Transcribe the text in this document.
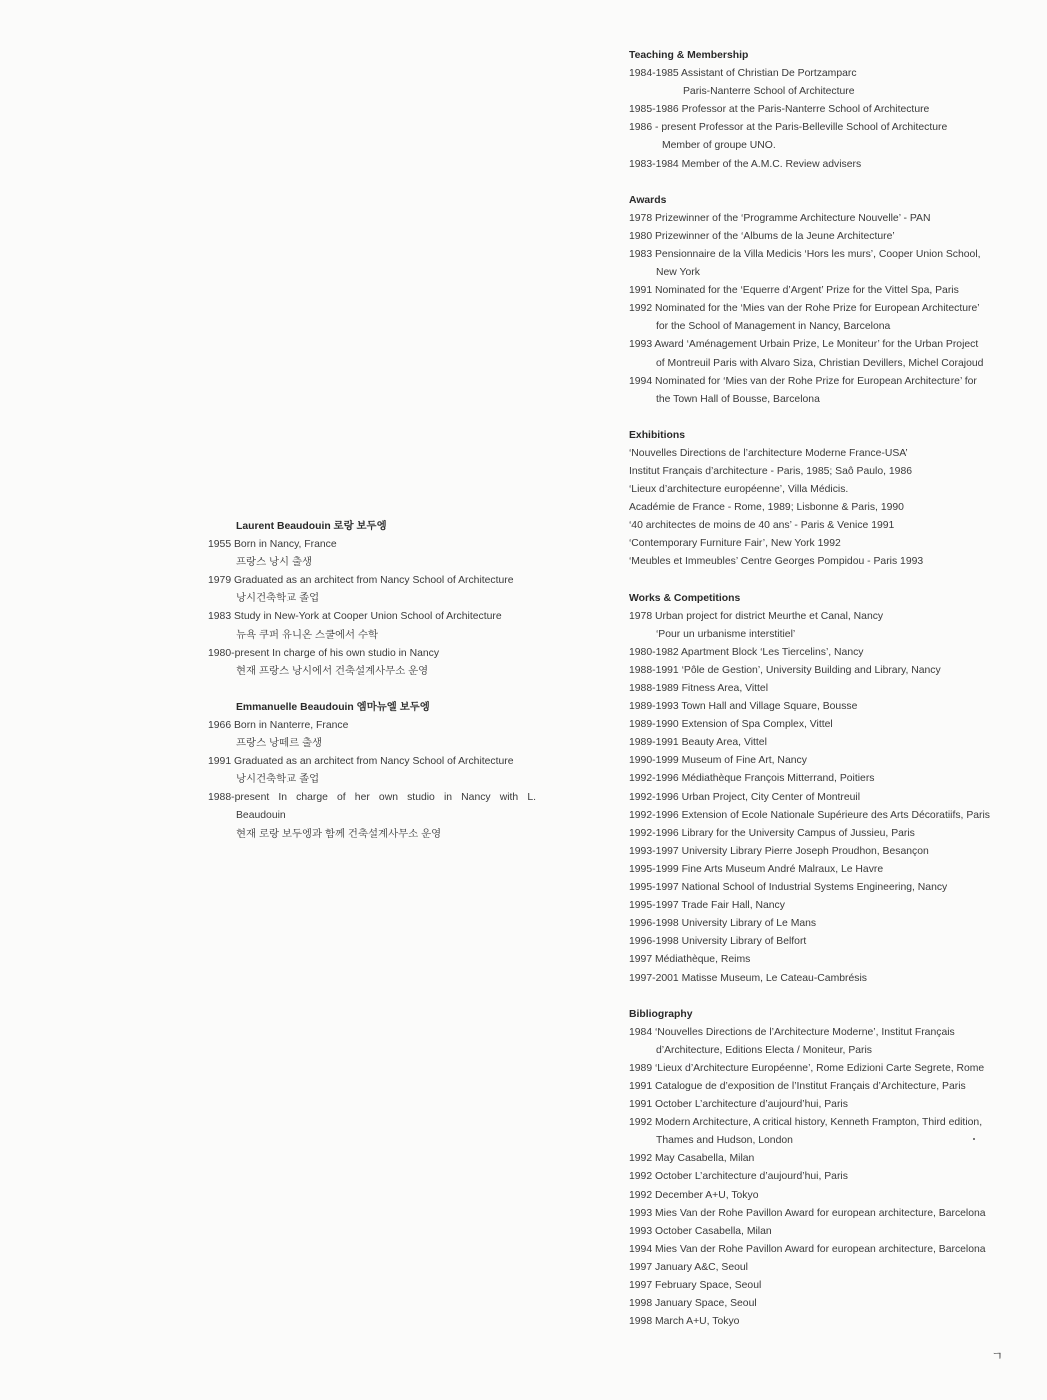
Laurent Beaudouin 로랑 보두엥

1955 Born in Nancy, France

프랑스 낭시 출생

1979 Graduated as an architect from Nancy School of Architecture

낭시건축학교 졸업

1983 Study in New-York at Cooper Union School of Architecture

뉴욕 쿠퍼 유니온 스쿨에서 수학

1980-present In charge of his own studio in Nancy

현재 프랑스 낭시에서 건축설계사무소 운영

Emmanuelle Beaudouin 엠마뉴엘 보두엥

1966 Born in Nanterre, France

프랑스 낭떼르 출생

1991 Graduated as an architect from Nancy School of Architecture

낭시건축학교 졸업

1988-present In charge of her own studio in Nancy with L.

Beaudouin

현재 로랑 보두엥과 함께 건축설계사무소 운영

Teaching & Membership

1984-1985 Assistant of Christian De Portzamparc

Paris-Nanterre School of Architecture

1985-1986 Professor at the Paris-Nanterre School of Architecture

1986 - present Professor at the Paris-Belleville School of Architecture

Member of groupe UNO.

1983-1984 Member of the A.M.C. Review advisers

Awards

1978 Prizewinner of the ‘Programme Architecture Nouvelle’ - PAN

1980 Prizewinner of the ‘Albums de la Jeune Architecture’

1983 Pensionnaire de la Villa Medicis ‘Hors les murs’, Cooper Union School,

New York

1991 Nominated for the ‘Equerre d’Argent’ Prize for the Vittel Spa, Paris

1992 Nominated for the ‘Mies van der Rohe Prize for European Architecture’

for the School of Management in Nancy, Barcelona

1993 Award ‘Aménagement Urbain Prize, Le Moniteur’ for the Urban Project

of Montreuil Paris with Alvaro Siza, Christian Devillers, Michel Corajoud

1994 Nominated for ‘Mies van der Rohe Prize for European Architecture’ for

the Town Hall of Bousse, Barcelona

Exhibitions

‘Nouvelles Directions de l’architecture Moderne France-USA’

Institut Français d’architecture - Paris, 1985; Saô Paulo, 1986

‘Lieux d’architecture européenne’, Villa Médicis.

Académie de France - Rome, 1989; Lisbonne & Paris, 1990

‘40 architectes de moins de 40 ans’ - Paris & Venice 1991

‘Contemporary Furniture Fair’, New York 1992

‘Meubles et Immeubles’ Centre Georges Pompidou - Paris 1993

Works & Competitions

1978 Urban project for district Meurthe et Canal, Nancy

‘Pour un urbanisme interstitiel’

1980-1982 Apartment Block ‘Les Tiercelins’, Nancy

1988-1991 ‘Pôle de Gestion’, University Building and Library, Nancy

1988-1989 Fitness Area, Vittel

1989-1993 Town Hall and Village Square, Bousse

1989-1990 Extension of Spa Complex, Vittel

1989-1991 Beauty Area, Vittel

1990-1999 Museum of Fine Art, Nancy

1992-1996 Médiathèque François Mitterrand, Poitiers

1992-1996 Urban Project, City Center of Montreuil

1992-1996 Extension of Ecole Nationale Supérieure des Arts Décoratiifs, Paris

1992-1996 Library for the University Campus of Jussieu, Paris

1993-1997 University Library Pierre Joseph Proudhon, Besançon

1995-1999 Fine Arts Museum André Malraux, Le Havre

1995-1997 National School of Industrial Systems Engineering, Nancy

1995-1997 Trade Fair Hall, Nancy

1996-1998 University Library of Le Mans

1996-1998 University Library of Belfort

1997 Médiathèque, Reims

1997-2001 Matisse Museum, Le Cateau-Cambrésis

Bibliography

1984 ‘Nouvelles Directions de l’Architecture Moderne’, Institut Français

d’Architecture, Editions Electa / Moniteur, Paris

1989 ‘Lieux d’Architecture Européenne’, Rome Edizioni Carte Segrete, Rome

1991 Catalogue de d’exposition de l’Institut Français d’Architecture, Paris

1991 October L’architecture d’aujourd’hui, Paris

1992 Modern Architecture, A critical history, Kenneth Frampton, Third edition,

Thames and Hudson, London

1992 May Casabella, Milan

1992 October L’architecture d’aujourd’hui, Paris

1992 December A+U, Tokyo

1993 Mies Van der Rohe Pavillon Award for european architecture, Barcelona

1993 October Casabella, Milan

1994 Mies Van der Rohe Pavillon Award for european architecture, Barcelona

1997 January A&C, Seoul

1997 February Space, Seoul

1998 January Space, Seoul

1998 March A+U, Tokyo

ㄱ
